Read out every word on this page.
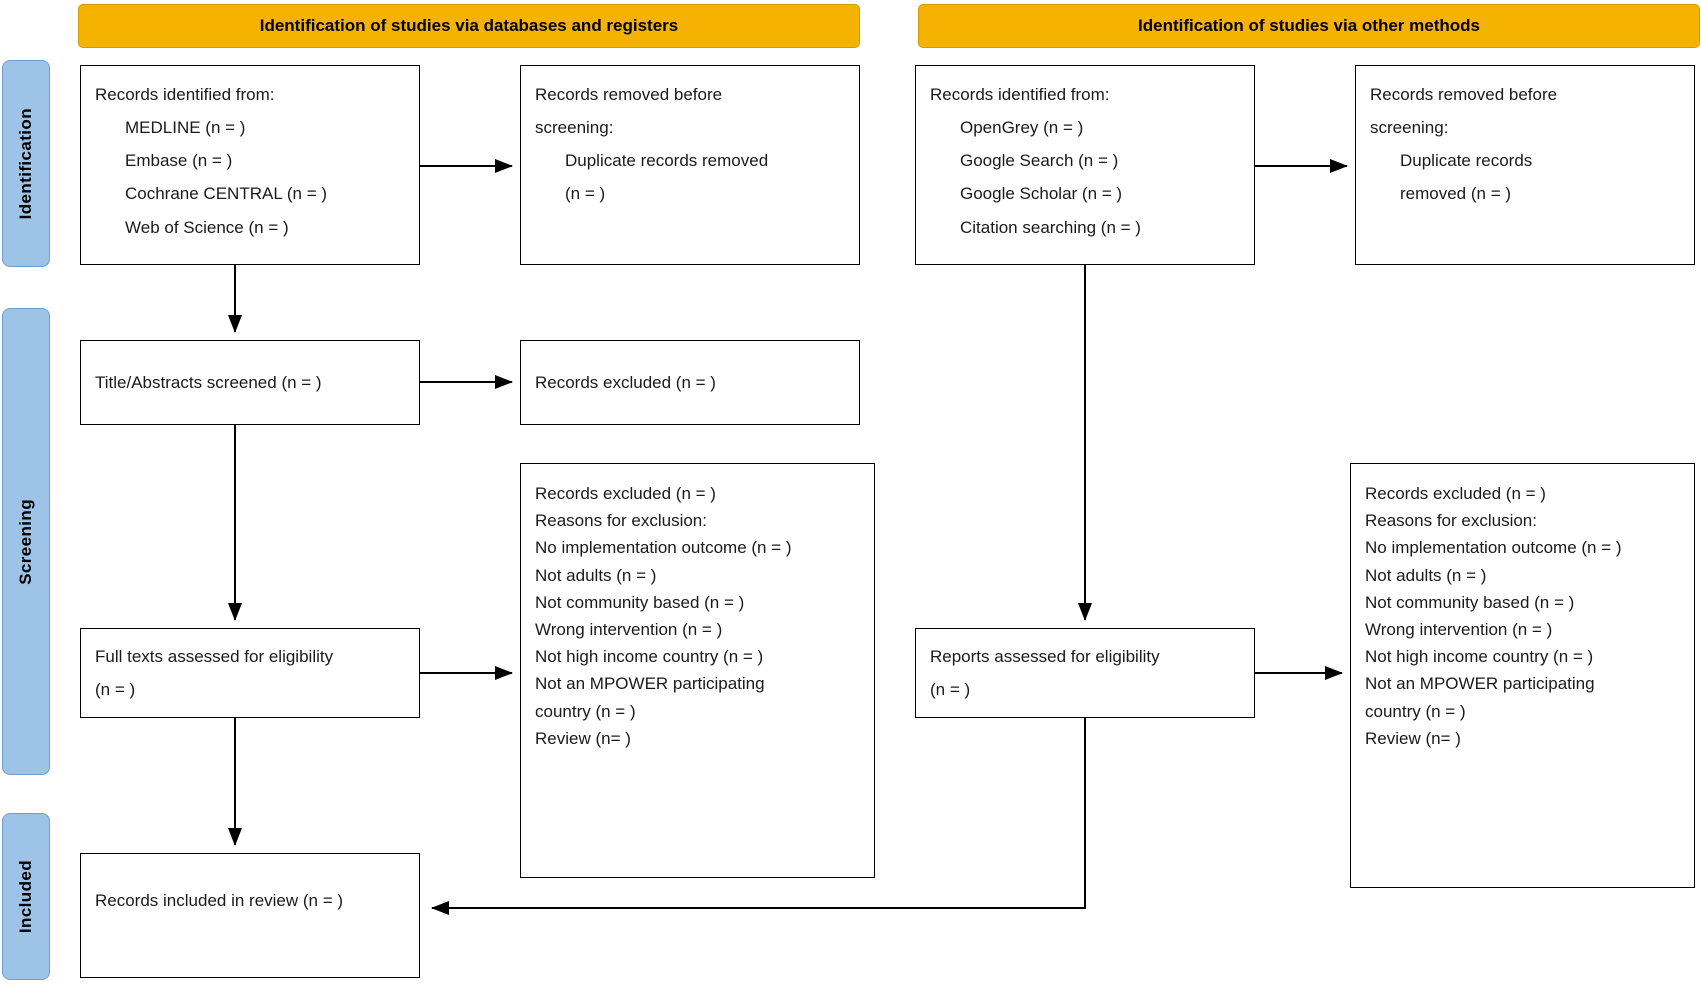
Identification
Screening
Included
Identification of studies via databases and registers	Identification of studies via other methods
Records identified from:
MEDLINE (n = )
Embase (n = )
Cochrane CENTRAL (n = )
Web of Science (n = )
Records removed before
screening:
Duplicate records removed
(n = )
Title/Abstracts screened (n = )	Records excluded (n = )
Full texts assessed for eligibility
(n = )
Records excluded (n = )
Reasons for exclusion:
No implementation outcome (n = )
Not adults (n = )
Not community based (n = )
Wrong intervention (n = )
Not high income country (n = )
Not an MPOWER participating
country (n = )
Review (n= )
Records identified from:
OpenGrey (n = )
Google Search (n = )
Google Scholar (n = )
Citation searching (n = )
Records removed before
screening:
Duplicate records
removed (n = )
Reports assessed for eligibility
(n = )
Records excluded (n = )
Reasons for exclusion:
No implementation outcome (n = )
Not adults (n = )
Not community based (n = )
Wrong intervention (n = )
Not high income country (n = )
Not an MPOWER participating
country (n = )
Review (n= )
Records included in review (n = )
